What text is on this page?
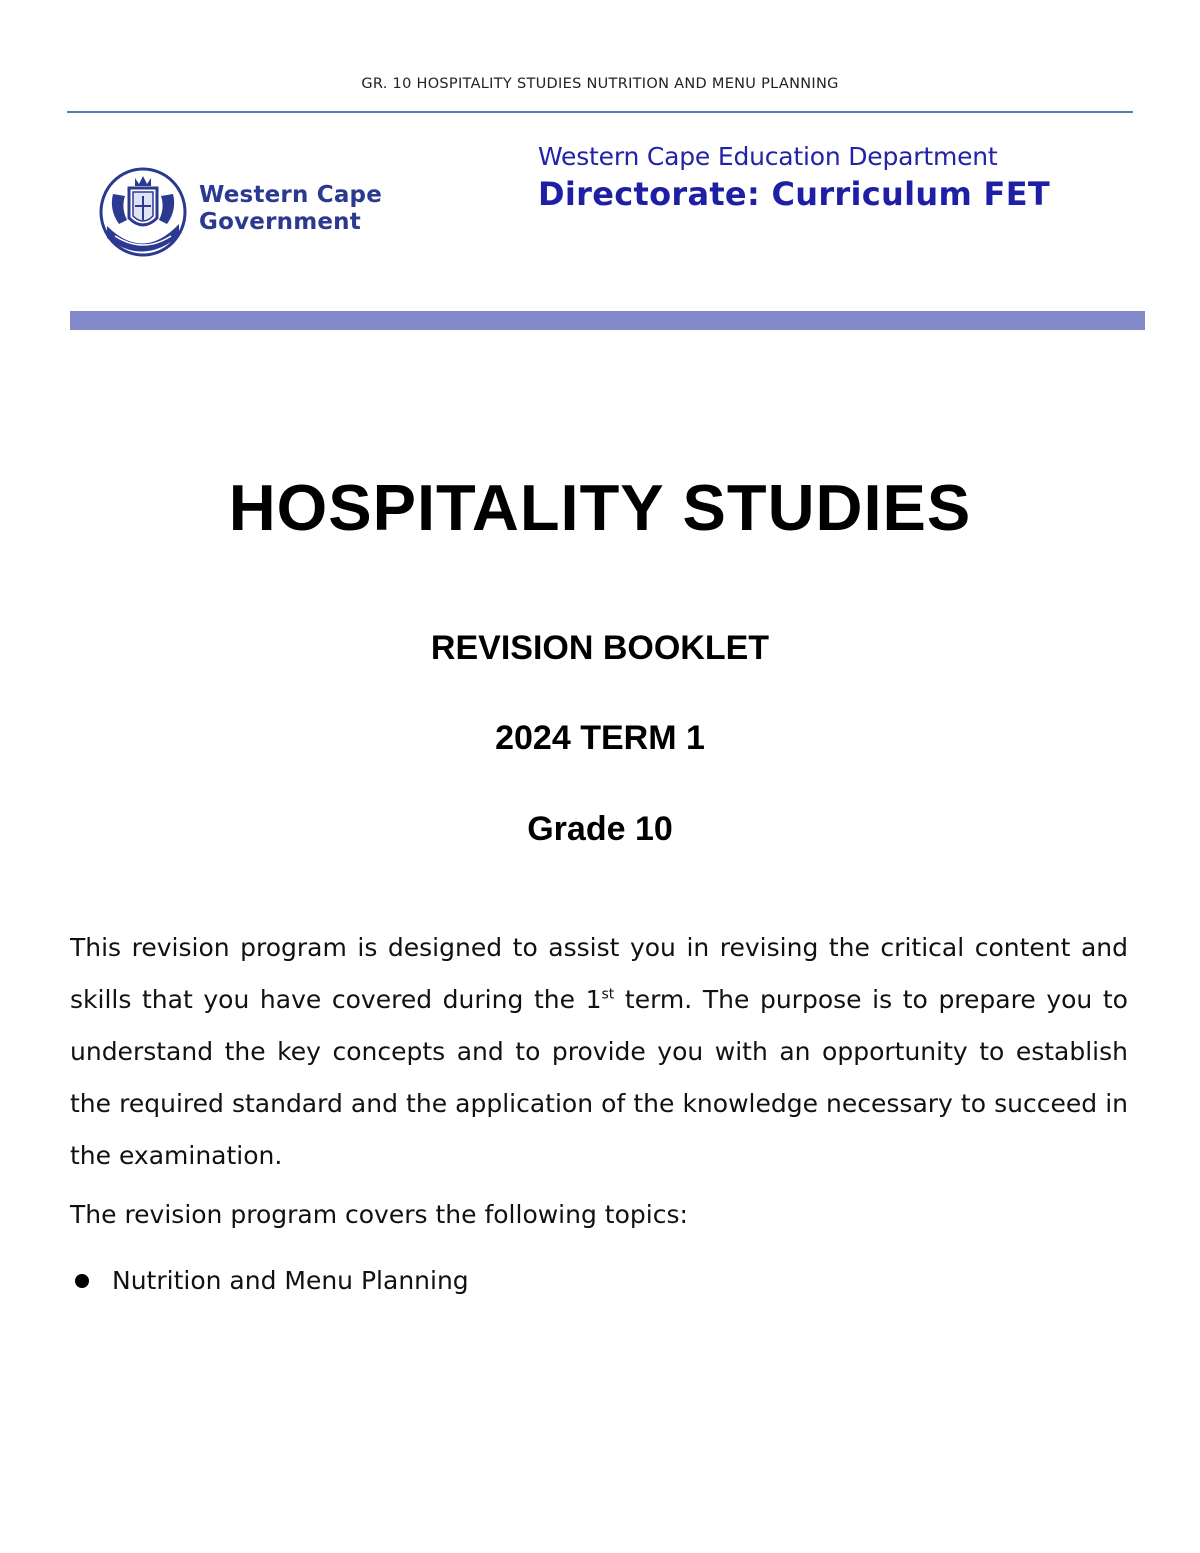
GR. 10 HOSPITALITY STUDIES NUTRITION AND MENU PLANNING
Western Cape
Government
Western Cape Education Department
Directorate: Curriculum FET
HOSPITALITY STUDIES
REVISION BOOKLET
2024 TERM 1
Grade 10
This revision program is designed to assist you in revising the critical content and skills that you have covered during the 1st term. The purpose is to prepare you to understand the key concepts and to provide you with an opportunity to establish the required standard and the application of the knowledge necessary to succeed in the examination.
The revision program covers the following topics:
Nutrition and Menu Planning
